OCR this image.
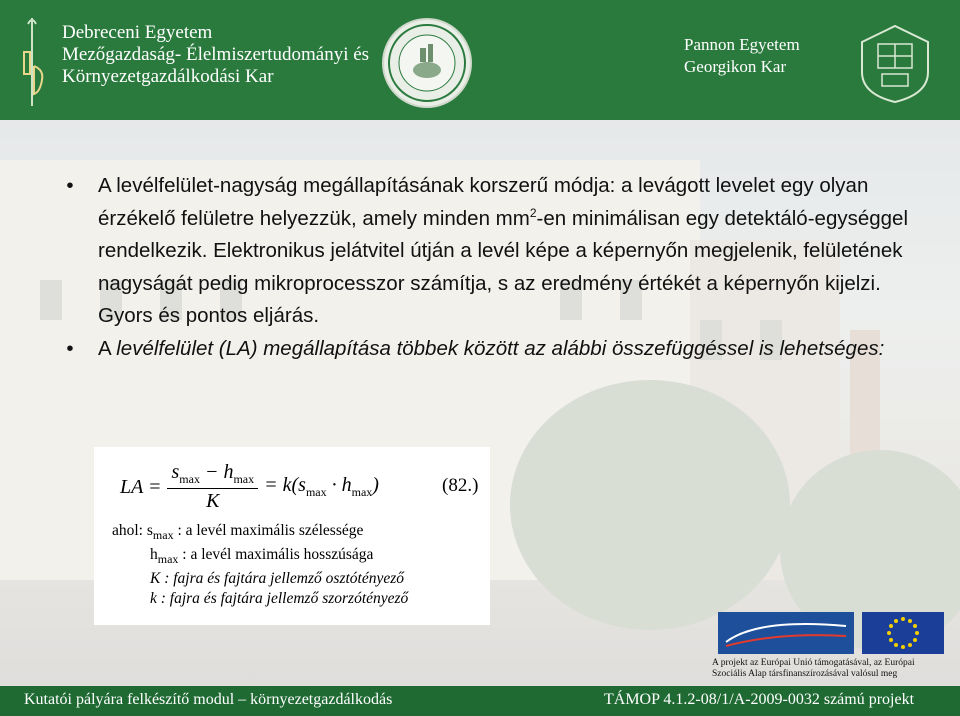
Debreceni Egyetem
Mezőgazdaság- Élelmiszertudományi és
Környezetgazdálkodási Kar
Pannon Egyetem
Georgikon Kar
•	A levélfelület-nagyság megállapításának korszerű módja: a levágott levelet egy olyan érzékelő felületre helyezzük, amely minden $mm^2-en$ minimálisan egy detektáló-egységgel rendelkezik. Elektronikus jelátvitel útján a levél képe a képernyőn megjelenik, felületének nagyságát pedig mikroprocesszor számítja, s az eredmény értékét a képernyőn kijelzi. Gyors és pontos eljárás.
•	A levélfelület (LA) megállapítása többek között az alábbi összefüggéssel is lehetséges:
LA = $\frac{s_{max} - h_{max}}{K} = k(s_{max} \cdot h_{max})$	(82.)
ahol: $s_{max}$ : a levél maximális szélessége
$h_{max}$ : a levél maximális hosszúsága
K : fajra és fajtára jellemző osztótényező
k : fajra és fajtára jellemző szorzótényező
A projekt az Európai Unió támogatásával, az Európai
Szociális Alap társfinanszírozásával valósul meg
Kutatói pályára felkészítő modul – környezetgazdálkodás	TÁMOP 4.1.2-08/1/A-2009-0032 számú projekt
